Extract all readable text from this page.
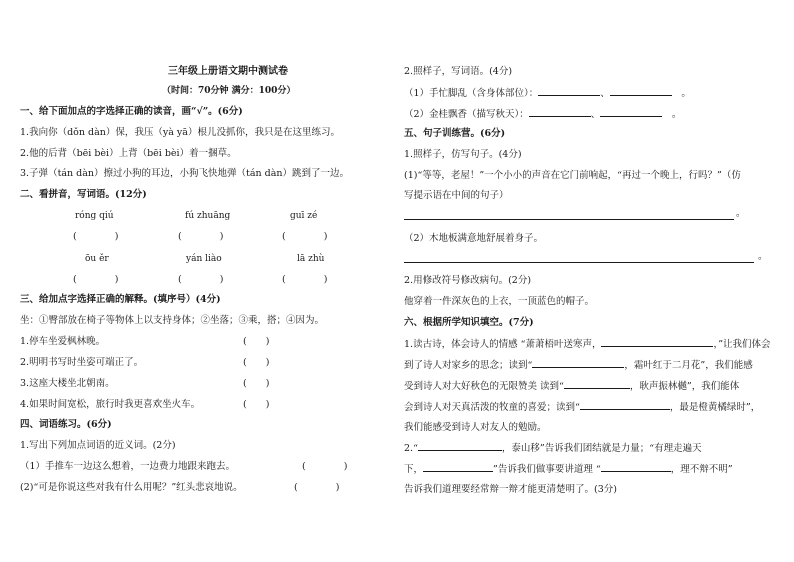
三年级上册语文期中测试卷
（时间：70分钟 满分：100分）
一、给下面加点的字选择正确的读音，画“√”。(6分)
1.我向你（dǒn dàn）保，我压（yà yā）根儿没抓你，我只是在这里练习。
2.他的后背（bēi bèi）上背（bēi bèi）着一捆草。
3.子弹（tán dàn）擦过小狗的耳边，小狗飞快地弹（tán dàn）跳到了一边。
二、看拼音，写词语。(12分)
róng qiú	fú zhuāng	guī zé
(　　　　)	(　　　　)	(　　　　)
ōu ěr	yán liào	lā zhù
(　　　　)	(　　　　)	(　　　　)
三、给加点字选择正确的解释。(填序号）(4分)
坐：①臀部放在椅子等物体上以支持身体；②坐落；③乘，搭；④因为。
1.停车坐爱枫林晚。	(　　)
2.明明书写时坐姿可端正了。	(　　)
3.这座大楼坐北朝南。	(　　)
4.如果时间宽松，旅行时我更喜欢坐火车。	(　　)
四、词语练习。(6分)
1.写出下列加点词语的近义词。(2分)
（1）手推车一边这么想着，一边费力地跟来跑去。	(　　　　)
(2)“可是你说这些对我有什么用呢？”红头悲哀地说。	(　　　　)
2.照样子，写词语。(4分)
（1）手忙脚乱（含身体部位）：	、	　。
（2）金桂飘香（描写秋天）：	、	　。
五、句子训练营。(6分)
1.照样子，仿写句子。(4分)
(1)“等等，老屋！”一个小小的声音在它门前响起，“再过一个晚上，行吗？”（仿
写提示语在中间的句子）
。
（2）木地板满意地舒展着身子。
。
2.用修改符号修改病句。(2分)
他穿着一件深灰色的上衣，一顶蓝色的帽子。
六、根据所学知识填空。(7分)
1.读古诗，体会诗人的情感 “萧萧梧叶送寒声，	，”让我们体会
到了诗人对家乡的思念；读到“	，霜叶红于二月花”，我们能感
受到诗人对大好秋色的无限赞美 读到“	，耿声振林樾”，我们能体
会到诗人对天真活泼的牧童的喜爱；读到“	，最是橙黄橘绿时”，
我们能感受到诗人对友人的勉励。
2.“	，泰山移”告诉我们团结就是力量；“有理走遍天
下，	”告诉我们做事要讲道理 “	，理不辩不明”
告诉我们道理要经常辩一辩才能更清楚明了。(3分)
